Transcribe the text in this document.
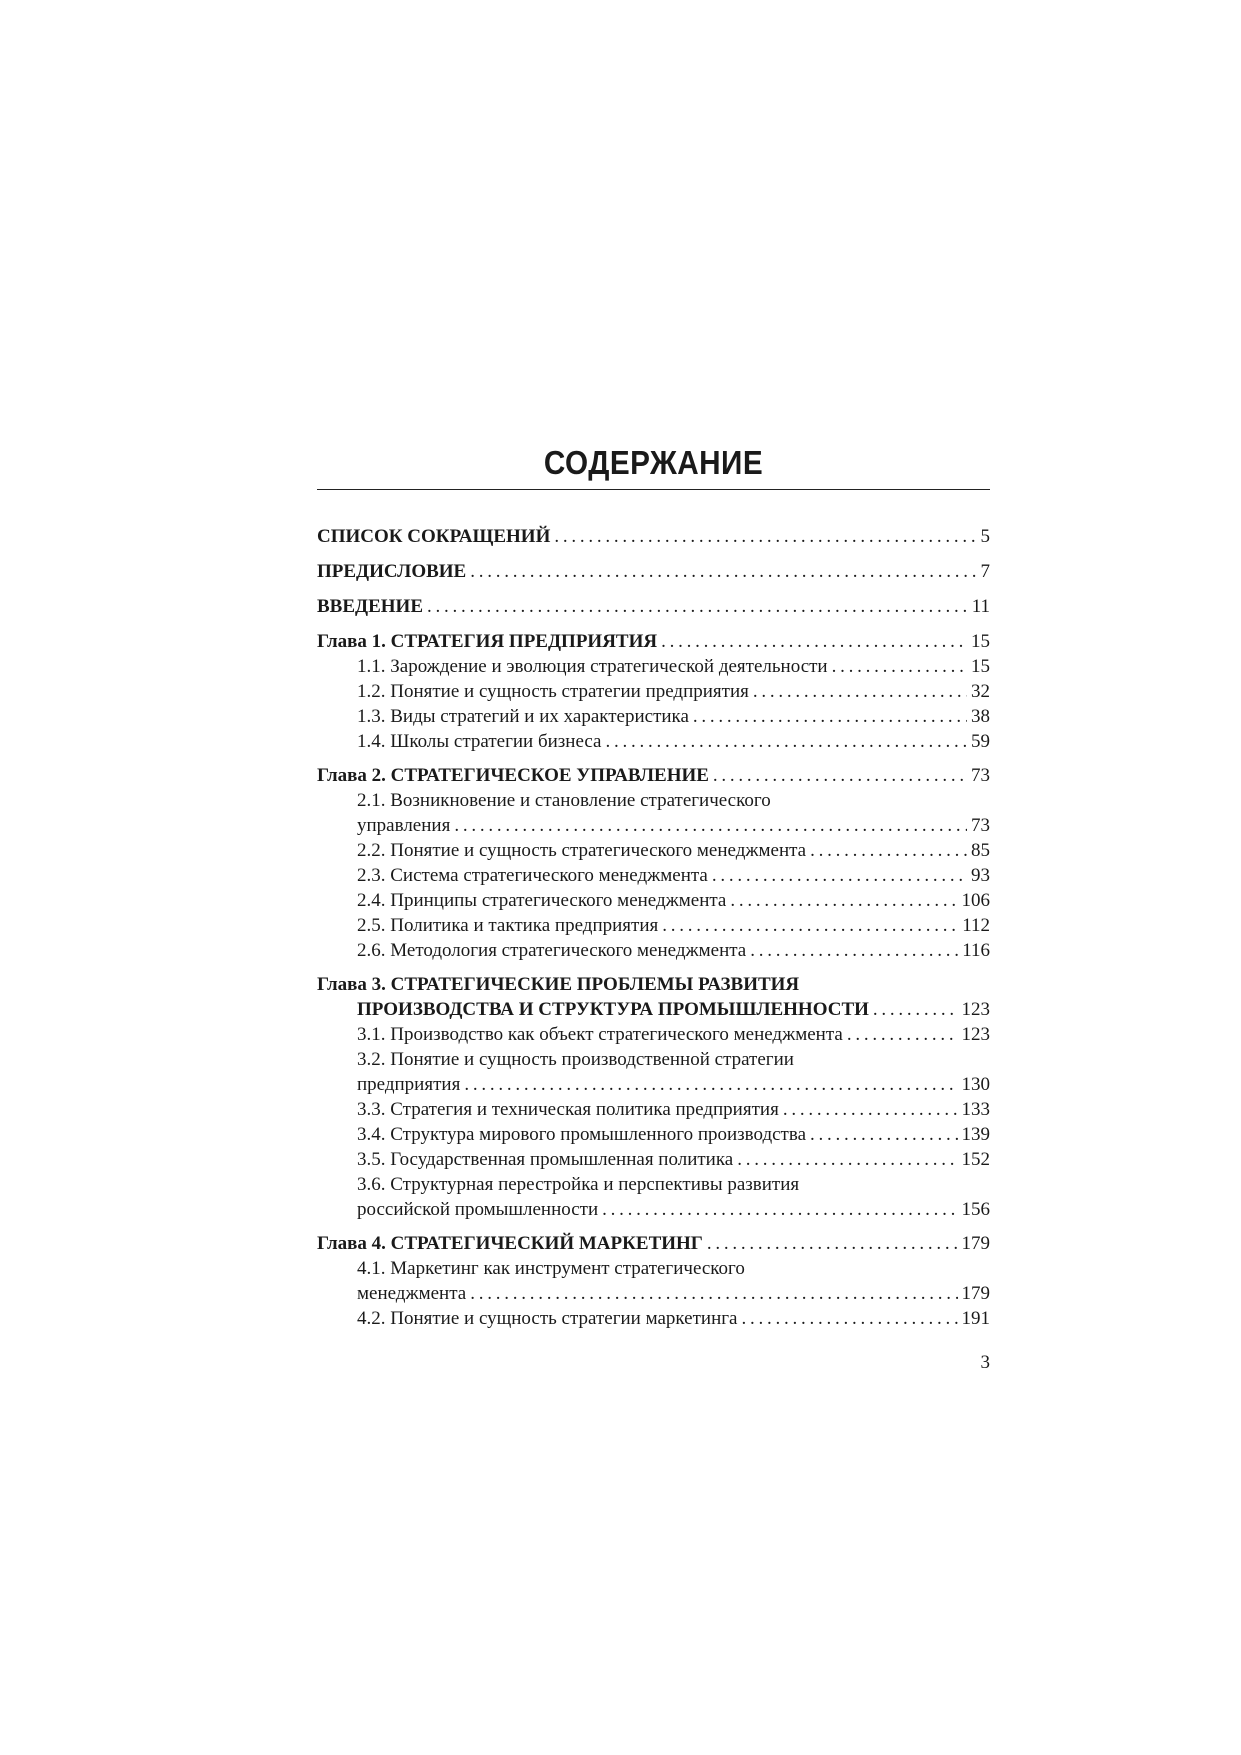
СОДЕРЖАНИЕ
СПИСОК СОКРАЩЕНИЙ . . .	5
ПРЕДИСЛОВИЕ . . .	7
ВВЕДЕНИЕ . . .	11
Глава 1. СТРАТЕГИЯ ПРЕДПРИЯТИЯ . . .	15
1.1. Зарождение и эволюция стратегической деятельности . . .	15
1.2. Понятие и сущность стратегии предприятия . . .	32
1.3. Виды стратегий и их характеристика . . .	38
1.4. Школы стратегии бизнеса . . .	59
Глава 2. СТРАТЕГИЧЕСКОЕ УПРАВЛЕНИЕ . . .	73
2.1. Возникновение и становление стратегического
управления . . .	73
2.2. Понятие и сущность стратегического менеджмента . . .	85
2.3. Система стратегического менеджмента . . .	93
2.4. Принципы стратегического менеджмента . . .	106
2.5. Политика и тактика предприятия . . .	112
2.6. Методология стратегического менеджмента . . .	116
Глава 3. СТРАТЕГИЧЕСКИЕ ПРОБЛЕМЫ РАЗВИТИЯ
ПРОИЗВОДСТВА И СТРУКТУРА ПРОМЫШЛЕННОСТИ . . .	123
3.1. Производство как объект стратегического менеджмента . . .	123
3.2. Понятие и сущность производственной стратегии
предприятия . . .	130
3.3. Стратегия и техническая политика предприятия . . .	133
3.4. Структура мирового промышленного производства . . .	139
3.5. Государственная промышленная политика . . .	152
3.6. Структурная перестройка и перспективы развития
российской промышленности . . .	156
Глава 4. СТРАТЕГИЧЕСКИЙ МАРКЕТИНГ . . .	179
4.1. Маркетинг как инструмент стратегического
менеджмента . . .	179
4.2. Понятие и сущность стратегии маркетинга . . .	191
3
